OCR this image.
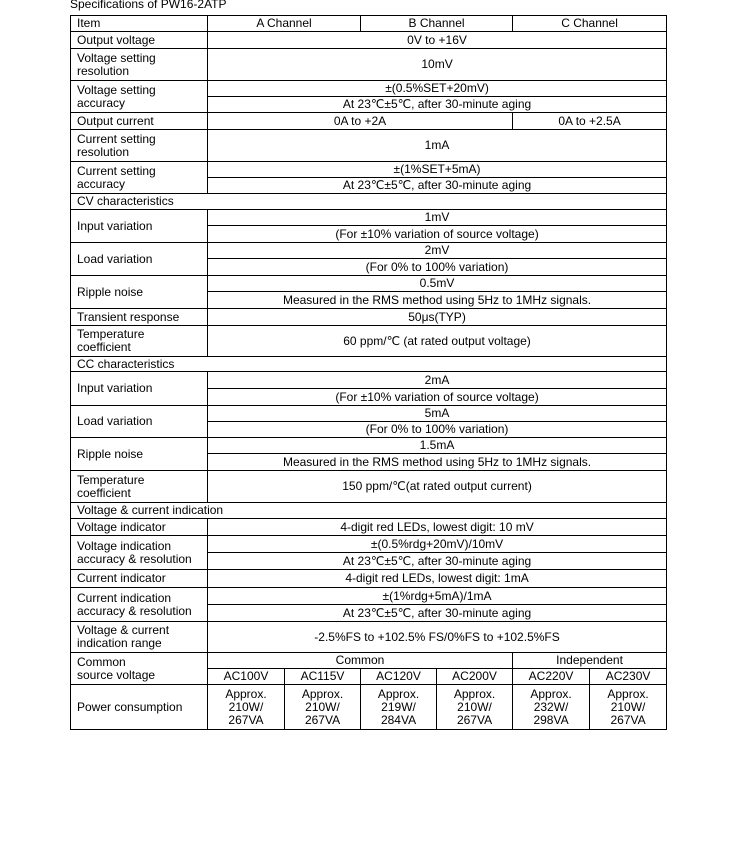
Specifications of PW16-2ATP
Item	A Channel		B Channel		C Channel	
Output voltage	0V to +16V					
Voltage setting
resolution	10mV					
Voltage setting
accuracy	±(0.5%SET+20mV)					
	At 23℃±5℃, after 30-minute aging					
Output current	0A to +2A				0A to +2.5A	
Current setting
resolution	1mA					
Current setting
accuracy	±(1%SET+5mA)					
	At 23℃±5℃, after 30-minute aging					
CV characteristics						
Input variation	1mV					
	(For ±10% variation of source voltage)					
Load variation	2mV					
	(For 0% to 100% variation)					
Ripple noise	0.5mV					
	Measured in the RMS method using 5Hz to 1MHz signals.					
Transient response	50μs(TYP)					
Temperature
coefficient	60 ppm/℃ (at rated output voltage)					
CC characteristics						
Input variation	2mA					
	(For ±10% variation of source voltage)					
Load variation	5mA					
	(For 0% to 100% variation)					
Ripple noise	1.5mA					
	Measured in the RMS method using 5Hz to 1MHz signals.					
Temperature
coefficient	150 ppm/℃(at rated output current)					
Voltage & current indication						
Voltage indicator	4-digit red LEDs, lowest digit: 10 mV					
Voltage indication
accuracy & resolution	±(0.5%rdg+20mV)/10mV					
	At 23℃±5℃, after 30-minute aging					
Current indicator	4-digit red LEDs, lowest digit: 1mA					
Current indication
accuracy & resolution	±(1%rdg+5mA)/1mA					
	At 23℃±5℃, after 30-minute aging					
Voltage & current
indication range	-2.5%FS to +102.5% FS/0%FS to +102.5%FS					
Common
source voltage	Common				Independent	
	AC100V	AC115V	AC120V	AC200V	AC220V	AC230V
Power consumption	Approx.
210W/
267VA	Approx.
210W/
267VA	Approx.
219W/
284VA	Approx.
210W/
267VA	Approx.
232W/
298VA	Approx.
210W/
267VA
